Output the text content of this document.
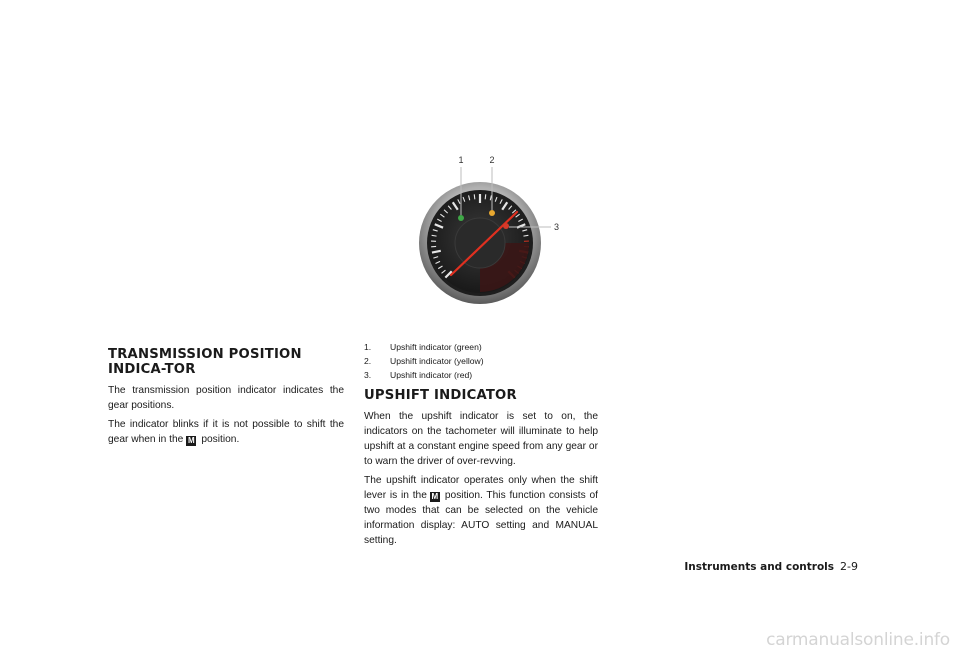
1	2
3
TRANSMISSION POSITION INDICA-TOR

The transmission position indicator indicates the gear positions.

The indicator blinks if it is not possible to shift the gear when in the M position.

1.	Upshift indicator (green)
2.	Upshift indicator (yellow)
3.	Upshift indicator (red)
UPSHIFT INDICATOR

When the upshift indicator is set to on, the indicators on the tachometer will illuminate to help upshift at a constant engine speed from any gear or to warn the driver of over-revving.

The upshift indicator operates only when the shift lever is in the M position. This function consists of two modes that can be selected on the vehicle information display: AUTO setting and MANUAL setting.

Instruments and controls 2-9
carmanualsonline.info
